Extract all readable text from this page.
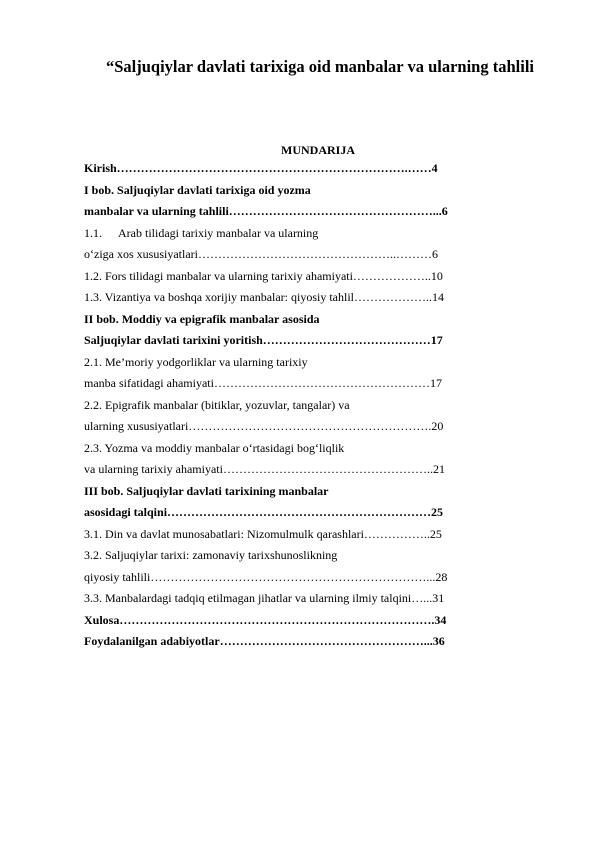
“Saljuqiylar davlati tarixiga oid manbalar va ularning tahlili
MUNDARIJA
Kirish……………………………………………………………….……4
I bob. Saljuqiylar davlati tarixiga oid yozma
manbalar va ularning tahlili……………………………………………...6
1.1. Arab tilidagi tarixiy manbalar va ularning
o‘ziga xos xususiyatlari…………………………………………..………6
1.2. Fors tilidagi manbalar va ularning tarixiy ahamiyati………………..10
1.3. Vizantiya va boshqa xorijiy manbalar: qiyosiy tahlil………………..14
II bob. Moddiy va epigrafik manbalar asosida
Saljuqiylar davlati tarixini yoritish……………………………………17
2.1. Me’moriy yodgorliklar va ularning tarixiy
manba sifatidagi ahamiyati………………………………………………17
2.2. Epigrafik manbalar (bitiklar, yozuvlar, tangalar) va
ularning xususiyatlari…………………………………………………….20
2.3. Yozma va moddiy manbalar o‘rtasidagi bog‘liqlik
va ularning tarixiy ahamiyati……………………………………………..21
III bob. Saljuqiylar davlati tarixining manbalar
asosidagi talqini…………………………………………………………25
3.1. Din va davlat munosabatlari: Nizomulmulk qarashlari……………..25
3.2. Saljuqiylar tarixi: zamonaviy tarixshunoslikning
qiyosiy tahlili……………………………………………………………...28
3.3. Manbalardagi tadqiq etilmagan jihatlar va ularning ilmiy talqini…...31
Xulosa…………………………………………………………………….34
Foydalanilgan adabiyotlar……………………………………………...36
